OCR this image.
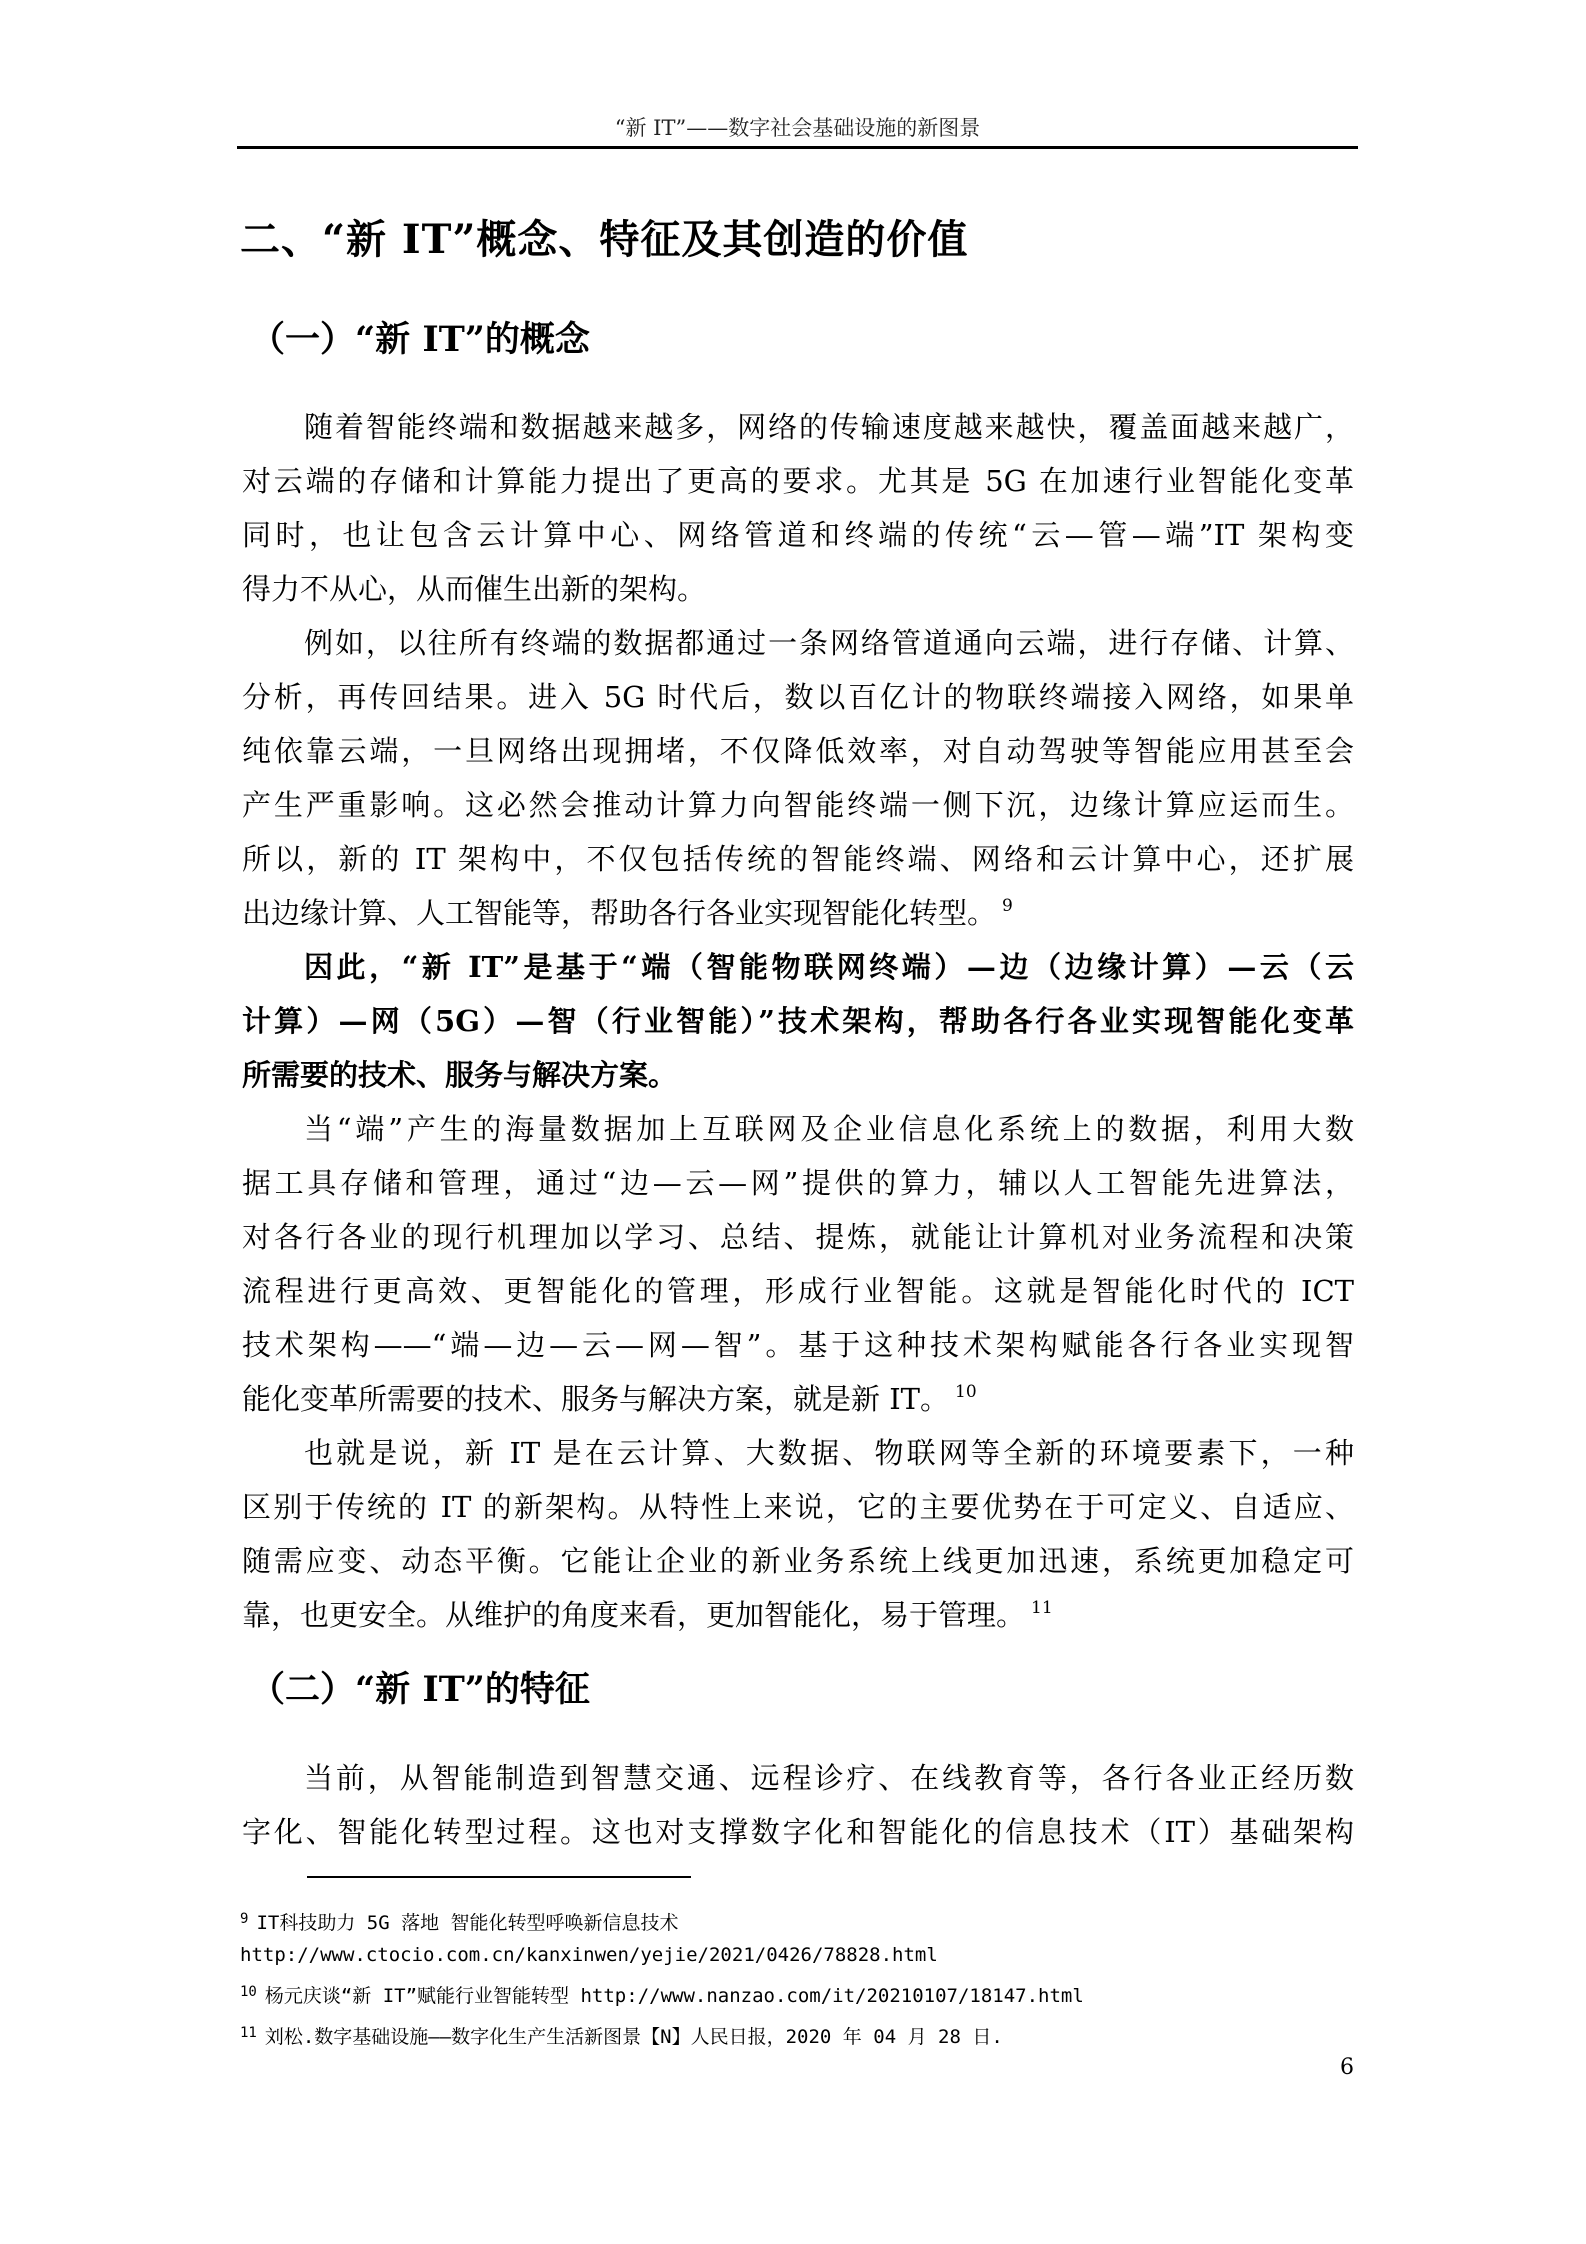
“新 IT”——数字社会基础设施的新图景
二、“新 IT”概念、特征及其创造的价值
（一）“新 IT”的概念
随着智能终端和数据越来越多，网络的传输速度越来越快，覆盖面越来越广，
对云端的存储和计算能力提出了更高的要求。尤其是 5G 在加速行业智能化变革
同时，也让包含云计算中心、网络管道和终端的传统“云—管—端”IT 架构变
得力不从心，从而催生出新的架构。
例如，以往所有终端的数据都通过一条网络管道通向云端，进行存储、计算、
分析，再传回结果。进入 5G 时代后，数以百亿计的物联终端接入网络，如果单
纯依靠云端，一旦网络出现拥堵，不仅降低效率，对自动驾驶等智能应用甚至会
产生严重影响。这必然会推动计算力向智能终端一侧下沉，边缘计算应运而生。
所以，新的 IT 架构中，不仅包括传统的智能终端、网络和云计算中心，还扩展
出边缘计算、人工智能等，帮助各行各业实现智能化转型。 $^9$
因此，“新 IT”是基于“端（智能物联网终端）—边（边缘计算）—云（云
计算）—网（5G）—智（行业智能）”技术架构，帮助各行各业实现智能化变革
所需要的技术、服务与解决方案。
当“端”产生的海量数据加上互联网及企业信息化系统上的数据，利用大数
据工具存储和管理，通过“边—云—网”提供的算力，辅以人工智能先进算法，
对各行各业的现行机理加以学习、总结、提炼，就能让计算机对业务流程和决策
流程进行更高效、更智能化的管理，形成行业智能。这就是智能化时代的 ICT
技术架构——“端—边—云—网—智”。基于这种技术架构赋能各行各业实现智
能化变革所需要的技术、服务与解决方案，就是新 IT。 $^{10}$
也就是说，新 IT 是在云计算、大数据、物联网等全新的环境要素下，一种
区别于传统的 IT 的新架构。从特性上来说，它的主要优势在于可定义、自适应、
随需应变、动态平衡。它能让企业的新业务系统上线更加迅速，系统更加稳定可
靠，也更安全。从维护的角度来看，更加智能化，易于管理。 $^{11}$
（二）“新 IT”的特征
当前，从智能制造到智慧交通、远程诊疗、在线教育等，各行各业正经历数
字化、智能化转型过程。这也对支撑数字化和智能化的信息技术（IT）基础架构
$^9$ IT科技助力 5G 落地 智能化转型呼唤新信息技术
http://www.ctocio.com.cn/kanxinwen/yejie/2021/0426/78828.html
$^{10}$ 杨元庆谈“新 IT”赋能行业智能转型 http://www.nanzao.com/it/20210107/18147.html
$^{11}$ 刘松.数字基础设施——数字化生产生活新图景【N】人民日报，2020 年 04 月 28 日.
6
